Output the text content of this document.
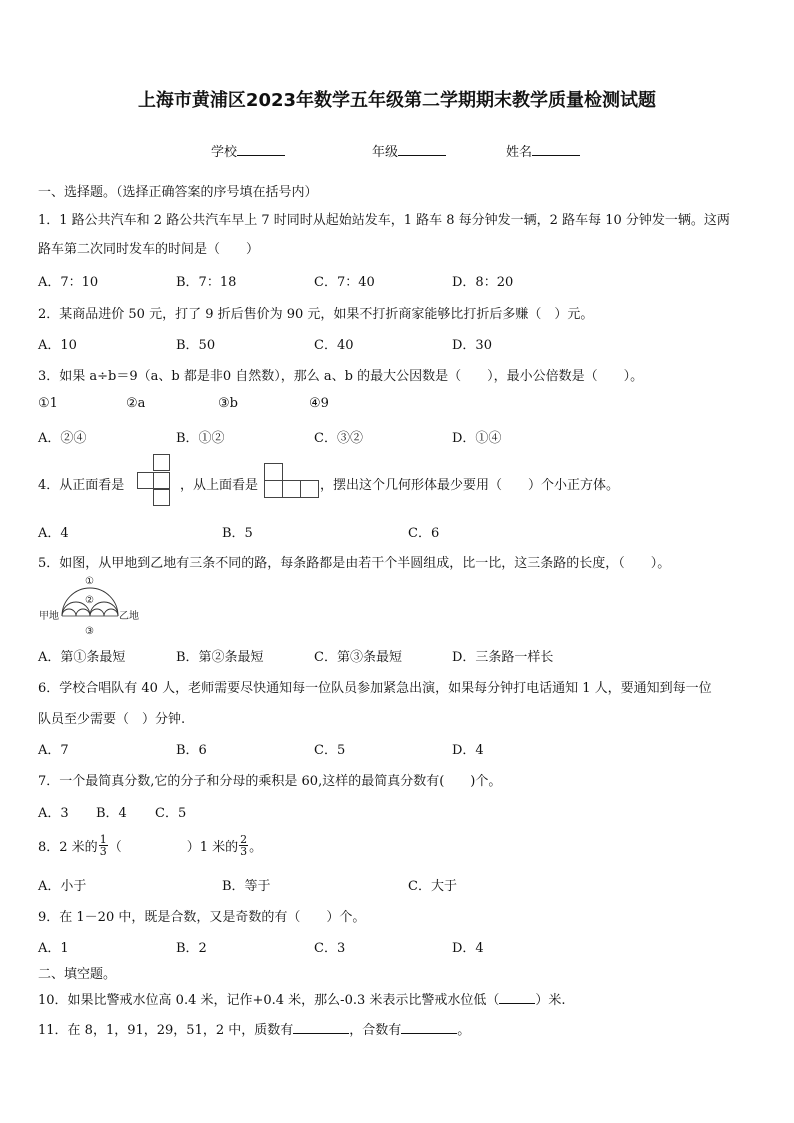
上海市黄浦区2023年数学五年级第二学期期末教学质量检测试题
学校	年级	姓名
一、选择题。（选择正确答案的序号填在括号内）
1．1 路公共汽车和 2 路公共汽车早上 7 时同时从起始站发车，1 路车 8 每分钟发一辆，2 路车每 10 分钟发一辆。这两
路车第二次同时发车的时间是（　　）
A．7：10	B．7：18	C．7：40	D．8：20
2．某商品进价 50 元，打了 9 折后售价为 90 元，如果不打折商家能够比打折后多赚（　）元。
A．10	B．50	C．40	D．30
3．如果 a÷b＝9（a、b 都是非0 自然数），那么 a、b 的最大公因数是（　　），最小公倍数是（　　）。
①1	②a	③b	④9
A．②④	B．①②	C．③②	D．①④
4．从正面看是	，从上面看是	，摆出这个几何形体最少要用（　　）个小正方体。
A．4	B．5	C．6
5．如图，从甲地到乙地有三条不同的路，每条路都是由若干个半圆组成，比一比，这三条路的长度，（　　）。
甲地	乙地
①
②
③
A．第①条最短	B．第②条最短	C．第③条最短	D．三条路一样长
6．学校合唱队有 40 人，老师需要尽快通知每一位队员参加紧急出演，如果每分钟打电话通知 1 人，要通知到每一位
队员至少需要（　）分钟.
A．7	B．6	C．5	D．4
7．一个最简真分数,它的分子和分母的乘积是 60,这样的最简真分数有(　　)个。
A．3 B．4 C．5
8．2 米的 $\frac{1}{3}$ （　　　　　）1 米的 $\frac{2}{3}$ 。
A．小于	B．等于	C．大于
9．在 1－20 中，既是合数，又是奇数的有（　　）个。
A．1	B．2	C．3	D．4
二、填空题。
10．如果比警戒水位高 0.4 米，记作+0.4 米，那么-0.3 米表示比警戒水位低（	）米.
11．在 8，1，91，29，51，2 中，质数有	，合数有	。
